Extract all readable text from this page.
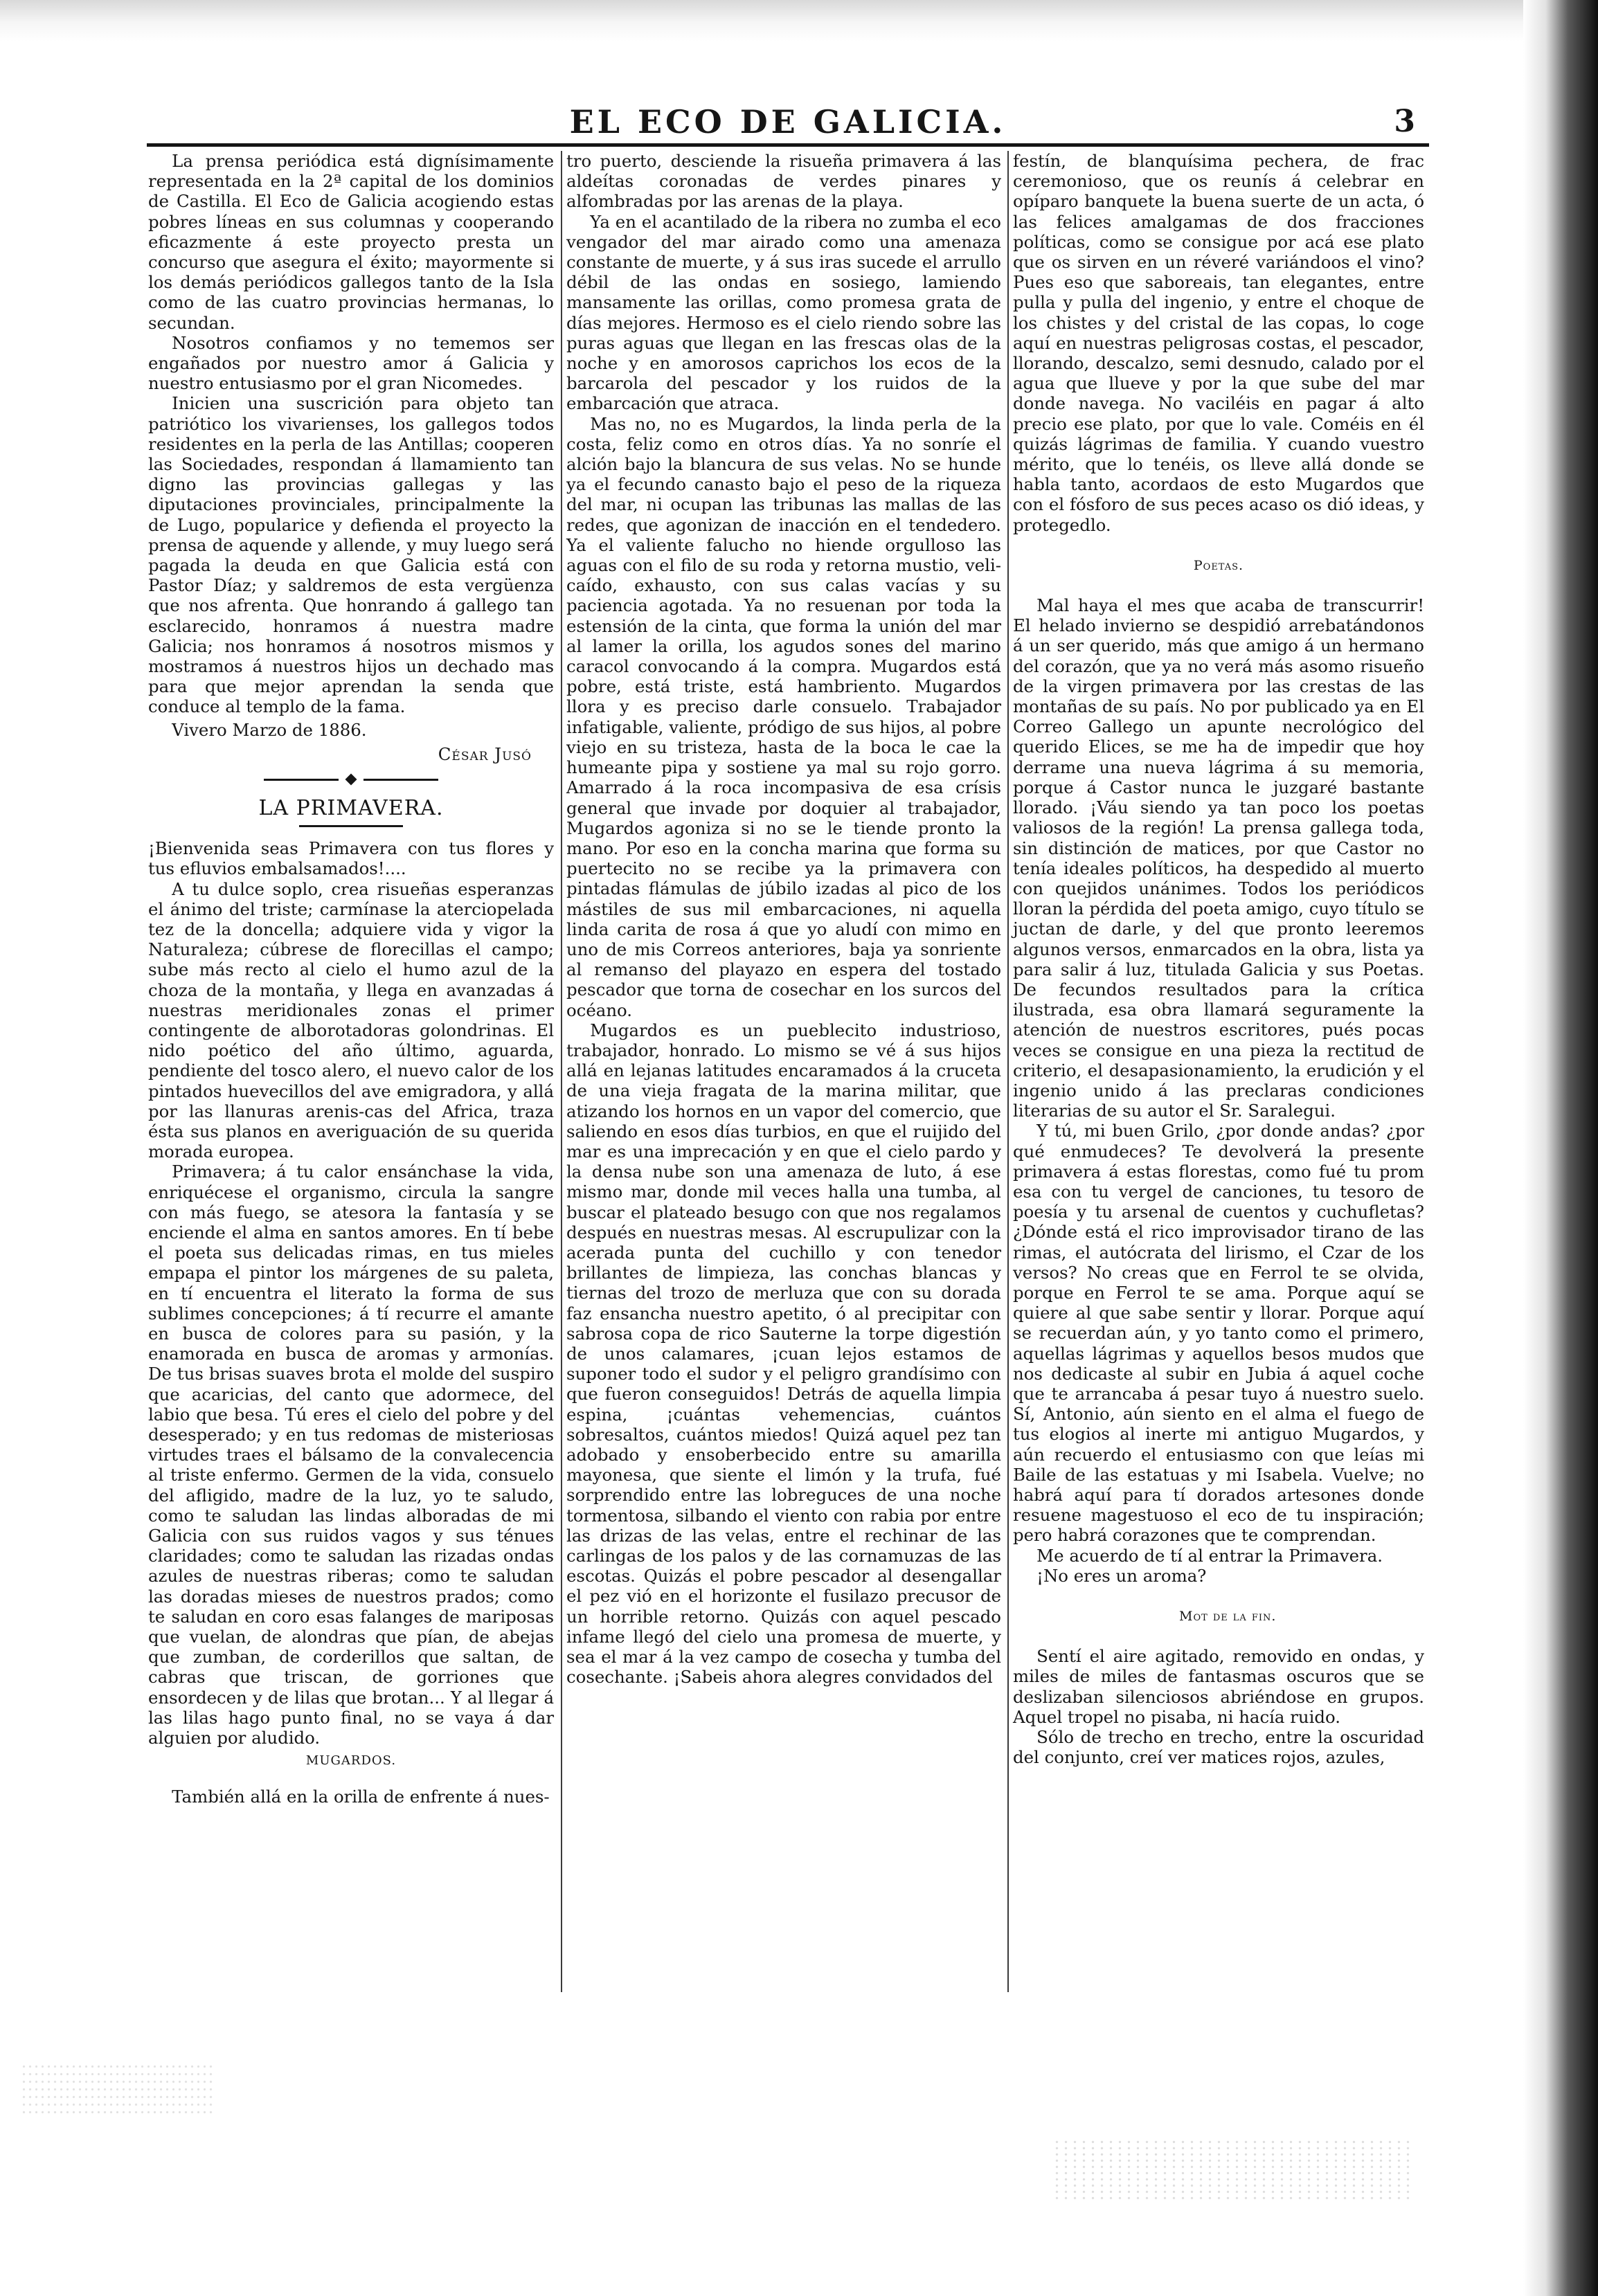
EL ECO DE GALICIA.	3

La prensa periódica está dignísimamente representada en la 2ª capital de los dominios de Castilla. El Eco de Galicia acogiendo estas pobres líneas en sus columnas y cooperando eficazmente á este proyecto presta un concurso que asegura el éxito; mayormente si los demás periódicos gallegos tanto de la Isla como de las cuatro provincias hermanas, lo secundan.

Nosotros confiamos y no tememos ser engañados por nuestro amor á Galicia y nuestro entusiasmo por el gran Nicomedes.

Inicien una suscrición para objeto tan patriótico los vivarienses, los gallegos todos residentes en la perla de las Antillas; cooperen las Sociedades, respondan á llamamiento tan digno las provincias gallegas y las diputaciones provinciales, principalmente la de Lugo, popularice y defienda el proyecto la prensa de aquende y allende, y muy luego será pagada la deuda en que Galicia está con Pastor Díaz; y saldremos de esta vergüenza que nos afrenta. Que honrando á gallego tan esclarecido, honramos á nuestra madre Galicia; nos honramos á nosotros mismos y mostramos á nuestros hijos un dechado mas para que mejor aprendan la senda que conduce al templo de la fama.

Vivero Marzo de 1886.

César Jusó

LA PRIMAVERA.

¡Bienvenida seas Primavera con tus flores y tus efluvios embalsamados!....

A tu dulce soplo, crea risueñas esperanzas el ánimo del triste; carmínase la aterciopelada tez de la doncella; adquiere vida y vigor la Naturaleza; cúbrese de florecillas el campo; sube más recto al cielo el humo azul de la choza de la montaña, y llega en avanzadas á nuestras meridionales zonas el primer contingente de alborotadoras golondrinas. El nido poético del año último, aguarda, pendiente del tosco alero, el nuevo calor de los pintados huevecillos del ave emigradora, y allá por las llanuras arenis-cas del Africa, traza ésta sus planos en averiguación de su querida morada europea.

Primavera; á tu calor ensánchase la vida, enriquécese el organismo, circula la sangre con más fuego, se atesora la fantasía y se enciende el alma en santos amores. En tí bebe el poeta sus delicadas rimas, en tus mieles empapa el pintor los márgenes de su paleta, en tí encuentra el literato la forma de sus sublimes concepciones; á tí recurre el amante en busca de colores para su pasión, y la enamorada en busca de aromas y armonías. De tus brisas suaves brota el molde del suspiro que acaricias, del canto que adormece, del labio que besa. Tú eres el cielo del pobre y del desesperado; y en tus redomas de misteriosas virtudes traes el bálsamo de la convalecencia al triste enfermo. Germen de la vida, consuelo del afligido, madre de la luz, yo te saludo, como te saludan las lindas alboradas de mi Galicia con sus ruidos vagos y sus ténues claridades; como te saludan las rizadas ondas azules de nuestras riberas; como te saludan las doradas mieses de nuestros prados; como te saludan en coro esas falanges de mariposas que vuelan, de alondras que pían, de abejas que zumban, de corderillos que saltan, de cabras que triscan, de gorriones que ensordecen y de lilas que brotan... Y al llegar á las lilas hago punto final, no se vaya á dar alguien por aludido.

MUGARDOS.

También allá en la orilla de enfrente á nues-

tro puerto, desciende la risueña primavera á las aldeítas coronadas de verdes pinares y alfombradas por las arenas de la playa.

Ya en el acantilado de la ribera no zumba el eco vengador del mar airado como una amenaza constante de muerte, y á sus iras sucede el arrullo débil de las ondas en sosiego, lamiendo mansamente las orillas, como promesa grata de días mejores. Hermoso es el cielo riendo sobre las puras aguas que llegan en las frescas olas de la noche y en amorosos caprichos los ecos de la barcarola del pescador y los ruidos de la embarcación que atraca.

Mas no, no es Mugardos, la linda perla de la costa, feliz como en otros días. Ya no sonríe el alción bajo la blancura de sus velas. No se hunde ya el fecundo canasto bajo el peso de la riqueza del mar, ni ocupan las tribunas las mallas de las redes, que agonizan de inacción en el tendedero. Ya el valiente falucho no hiende orgulloso las aguas con el filo de su roda y retorna mustio, veli-caído, exhausto, con sus calas vacías y su paciencia agotada. Ya no resuenan por toda la estensión de la cinta, que forma la unión del mar al lamer la orilla, los agudos sones del marino caracol convocando á la compra. Mugardos está pobre, está triste, está hambriento. Mugardos llora y es preciso darle consuelo. Trabajador infatigable, valiente, pródigo de sus hijos, al pobre viejo en su tristeza, hasta de la boca le cae la humeante pipa y sostiene ya mal su rojo gorro. Amarrado á la roca incompasiva de esa crísis general que invade por doquier al trabajador, Mugardos agoniza si no se le tiende pronto la mano. Por eso en la concha marina que forma su puertecito no se recibe ya la primavera con pintadas flámulas de júbilo izadas al pico de los mástiles de sus mil embarcaciones, ni aquella linda carita de rosa á que yo aludí con mimo en uno de mis Correos anteriores, baja ya sonriente al remanso del playazo en espera del tostado pescador que torna de cosechar en los surcos del océano.

Mugardos es un pueblecito industrioso, trabajador, honrado. Lo mismo se vé á sus hijos allá en lejanas latitudes encaramados á la cruceta de una vieja fragata de la marina militar, que atizando los hornos en un vapor del comercio, que saliendo en esos días turbios, en que el ruijido del mar es una imprecación y en que el cielo pardo y la densa nube son una amenaza de luto, á ese mismo mar, donde mil veces halla una tumba, al buscar el plateado besugo con que nos regalamos después en nuestras mesas. Al escrupulizar con la acerada punta del cuchillo y con tenedor brillantes de limpieza, las conchas blancas y tiernas del trozo de merluza que con su dorada faz ensancha nuestro apetito, ó al precipitar con sabrosa copa de rico Sauterne la torpe digestión de unos calamares, ¡cuan lejos estamos de suponer todo el sudor y el peligro grandísimo con que fueron conseguidos! Detrás de aquella limpia espina, ¡cuántas vehemencias, cuántos sobresaltos, cuántos miedos! Quizá aquel pez tan adobado y ensoberbecido entre su amarilla mayonesa, que siente el limón y la trufa, fué sorprendido entre las lobreguces de una noche tormentosa, silbando el viento con rabia por entre las drizas de las velas, entre el rechinar de las carlingas de los palos y de las cornamuzas de las escotas. Quizás el pobre pescador al desengallar el pez vió en el horizonte el fusilazo precusor de un horrible retorno. Quizás con aquel pescado infame llegó del cielo una promesa de muerte, y sea el mar á la vez campo de cosecha y tumba del cosechante. ¡Sabeis ahora alegres convidados del

festín, de blanquísima pechera, de frac ceremonioso, que os reunís á celebrar en opíparo banquete la buena suerte de un acta, ó las felices amalgamas de dos fracciones políticas, como se consigue por acá ese plato que os sirven en un réveré variándoos el vino? Pues eso que saboreais, tan elegantes, entre pulla y pulla del ingenio, y entre el choque de los chistes y del cristal de las copas, lo coge aquí en nuestras peligrosas costas, el pescador, llorando, descalzo, semi desnudo, calado por el agua que llueve y por la que sube del mar donde navega. No vaciléis en pagar á alto precio ese plato, por que lo vale. Coméis en él quizás lágrimas de familia. Y cuando vuestro mérito, que lo tenéis, os lleve allá donde se habla tanto, acordaos de esto Mugardos que con el fósforo de sus peces acaso os dió ideas, y protegedlo.

Poetas.

Mal haya el mes que acaba de transcurrir! El helado invierno se despidió arrebatándonos á un ser querido, más que amigo á un hermano del corazón, que ya no verá más asomo risueño de la virgen primavera por las crestas de las montañas de su país. No por publicado ya en El Correo Gallego un apunte necrológico del querido Elices, se me ha de impedir que hoy derrame una nueva lágrima á su memoria, porque á Castor nunca le juzgaré bastante llorado. ¡Váu siendo ya tan poco los poetas valiosos de la región! La prensa gallega toda, sin distinción de matices, por que Castor no tenía ideales políticos, ha despedido al muerto con quejidos unánimes. Todos los periódicos lloran la pérdida del poeta amigo, cuyo título se juctan de darle, y del que pronto leeremos algunos versos, enmarcados en la obra, lista ya para salir á luz, titulada Galicia y sus Poetas. De fecundos resultados para la crítica ilustrada, esa obra llamará seguramente la atención de nuestros escritores, pués pocas veces se consigue en una pieza la rectitud de criterio, el desapasionamiento, la erudición y el ingenio unido á las preclaras condiciones literarias de su autor el Sr. Saralegui.

Y tú, mi buen Grilo, ¿por donde andas? ¿por qué enmudeces? Te devolverá la presente primavera á estas florestas, como fué tu prom esa con tu vergel de canciones, tu tesoro de poesía y tu arsenal de cuentos y cuchufletas? ¿Dónde está el rico improvisador tirano de las rimas, el autócrata del lirismo, el Czar de los versos? No creas que en Ferrol te se olvida, porque en Ferrol te se ama. Porque aquí se quiere al que sabe sentir y llorar. Porque aquí se recuerdan aún, y yo tanto como el primero, aquellas lágrimas y aquellos besos mudos que nos dedicaste al subir en Jubia á aquel coche que te arrancaba á pesar tuyo á nuestro suelo. Sí, Antonio, aún siento en el alma el fuego de tus elogios al inerte mi antiguo Mugardos, y aún recuerdo el entusiasmo con que leías mi Baile de las estatuas y mi Isabela. Vuelve; no habrá aquí para tí dorados artesones donde resuene magestuoso el eco de tu inspiración; pero habrá corazones que te comprendan.

Me acuerdo de tí al entrar la Primavera.

¡No eres un aroma?

Mot de la fin.

Sentí el aire agitado, removido en ondas, y miles de miles de fantasmas oscuros que se deslizaban silenciosos abriéndose en grupos. Aquel tropel no pisaba, ni hacía ruido.

Sólo de trecho en trecho, entre la oscuridad del conjunto, creí ver matices rojos, azules,
